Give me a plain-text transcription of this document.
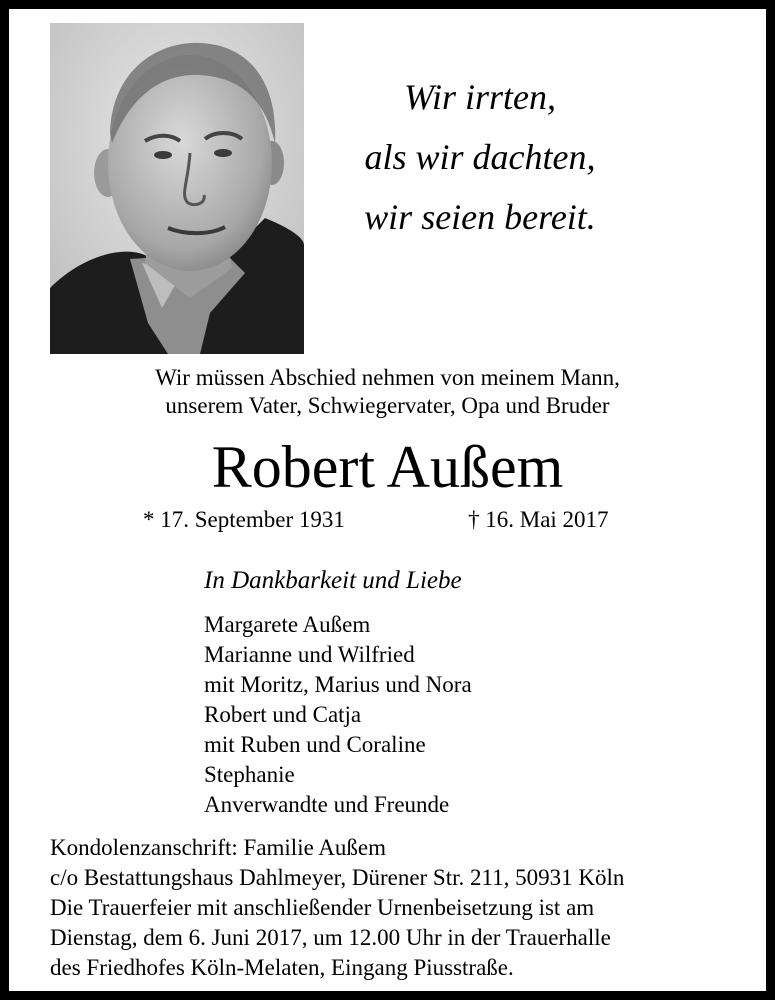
Wir irrten,
als wir dachten,
wir seien bereit.
Wir müssen Abschied nehmen von meinem Mann,
unserem Vater, Schwiegervater, Opa und Bruder
Robert Außem
* 17. September 1931	† 16. Mai 2017
In Dankbarkeit und Liebe
Margarete Außem
Marianne und Wilfried
mit Moritz, Marius und Nora
Robert und Catja
mit Ruben und Coraline
Stephanie
Anverwandte und Freunde
Kondolenzanschrift: Familie Außem
c/o Bestattungshaus Dahlmeyer, Dürener Str. 211, 50931 Köln
Die Trauerfeier mit anschließender Urnenbeisetzung ist am
Dienstag, dem 6. Juni 2017, um 12.00 Uhr in der Trauerhalle
des Friedhofes Köln-Melaten, Eingang Piusstraße.
